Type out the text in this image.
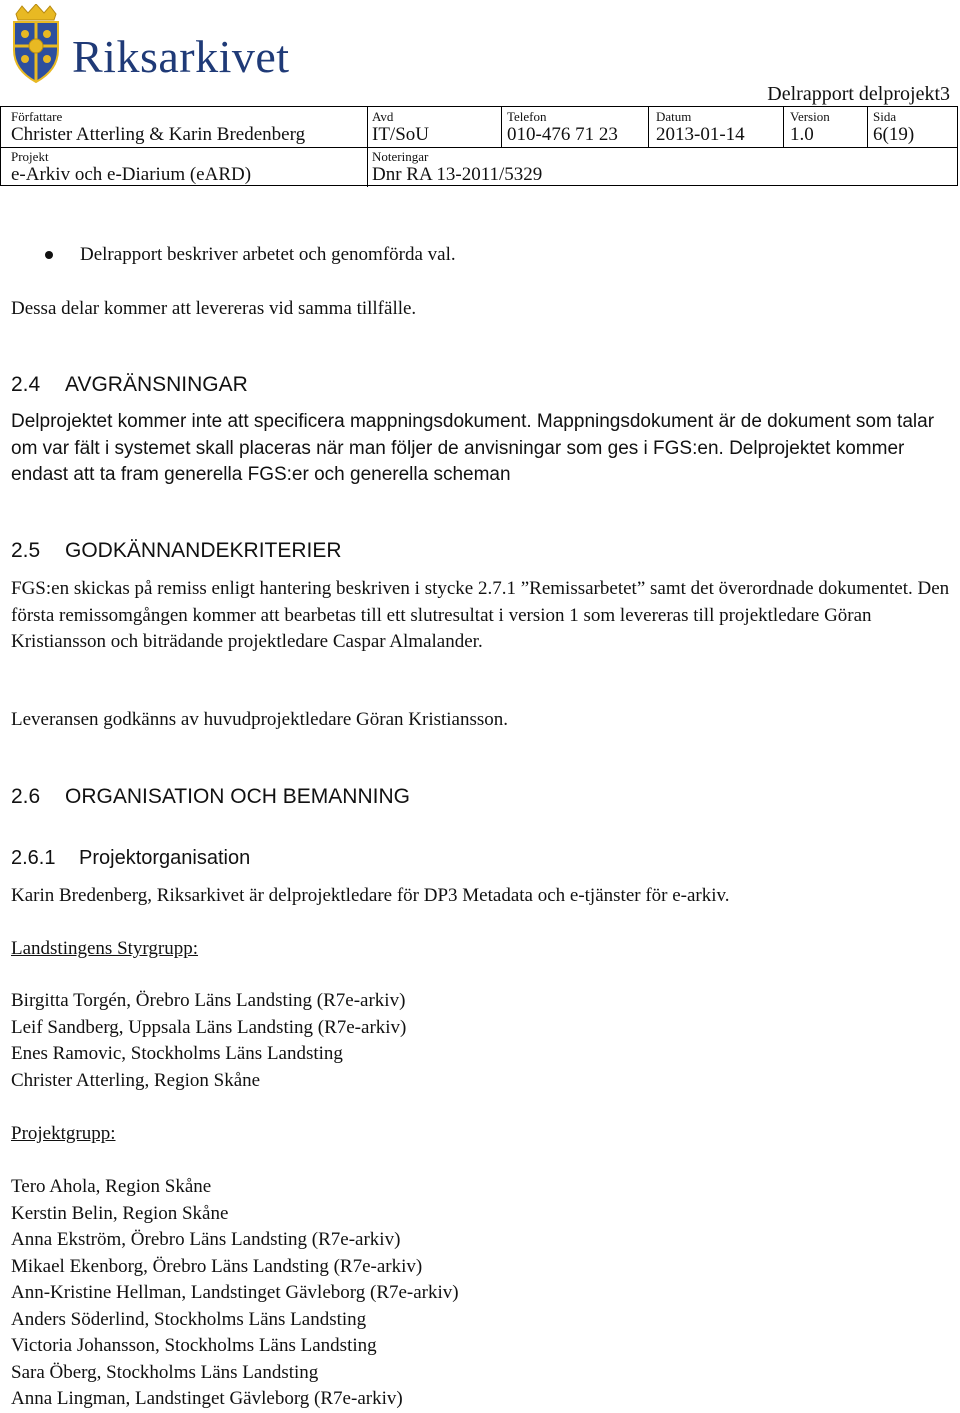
Riksarkivet
Delrapport delprojekt3
Författare
Christer Atterling & Karin Bredenberg
Avd
IT/SoU
Telefon
010-476 71 23
Datum
2013-01-14
Version
1.0
Sida
6(19)
Projekt
e-Arkiv och e-Diarium (eARD)
Noteringar
Dnr RA 13-2011/5329
Delrapport beskriver arbetet och genomförda val.

Dessa delar kommer att levereras vid samma tillfälle.

2.4 AVGRÄNSNINGAR

Delprojektet kommer inte att specificera mappningsdokument. Mappningsdokument är de dokument som talar om var fält i systemet skall placeras när man följer de anvisningar som ges i FGS:en. Delprojektet kommer endast att ta fram generella FGS:er och generella scheman

2.5 GODKÄNNANDEKRITERIER

FGS:en skickas på remiss enligt hantering beskriven i stycke 2.7.1 ”Remissarbetet” samt det överordnade dokumentet. Den första remissomgången kommer att bearbetas till ett slutresultat i version 1 som levereras till projektledare Göran Kristiansson och biträdande projektledare Caspar Almalander.

Leveransen godkänns av huvudprojektledare Göran Kristiansson.

2.6 ORGANISATION OCH BEMANNING
2.6.1 Projektorganisation

Karin Bredenberg, Riksarkivet är delprojektledare för DP3 Metadata och e-tjänster för e-arkiv.

Landstingens Styrgrupp:

Birgitta Torgén, Örebro Läns Landsting (R7e-arkiv)
Leif Sandberg, Uppsala Läns Landsting (R7e-arkiv)
Enes Ramovic, Stockholms Läns Landsting
Christer Atterling, Region Skåne

Projektgrupp:

Tero Ahola, Region Skåne
Kerstin Belin, Region Skåne
Anna Ekström, Örebro Läns Landsting (R7e-arkiv)
Mikael Ekenborg, Örebro Läns Landsting (R7e-arkiv)
Ann-Kristine Hellman, Landstinget Gävleborg (R7e-arkiv)
Anders Söderlind, Stockholms Läns Landsting
Victoria Johansson, Stockholms Läns Landsting
Sara Öberg, Stockholms Läns Landsting
Anna Lingman, Landstinget Gävleborg (R7e-arkiv)
